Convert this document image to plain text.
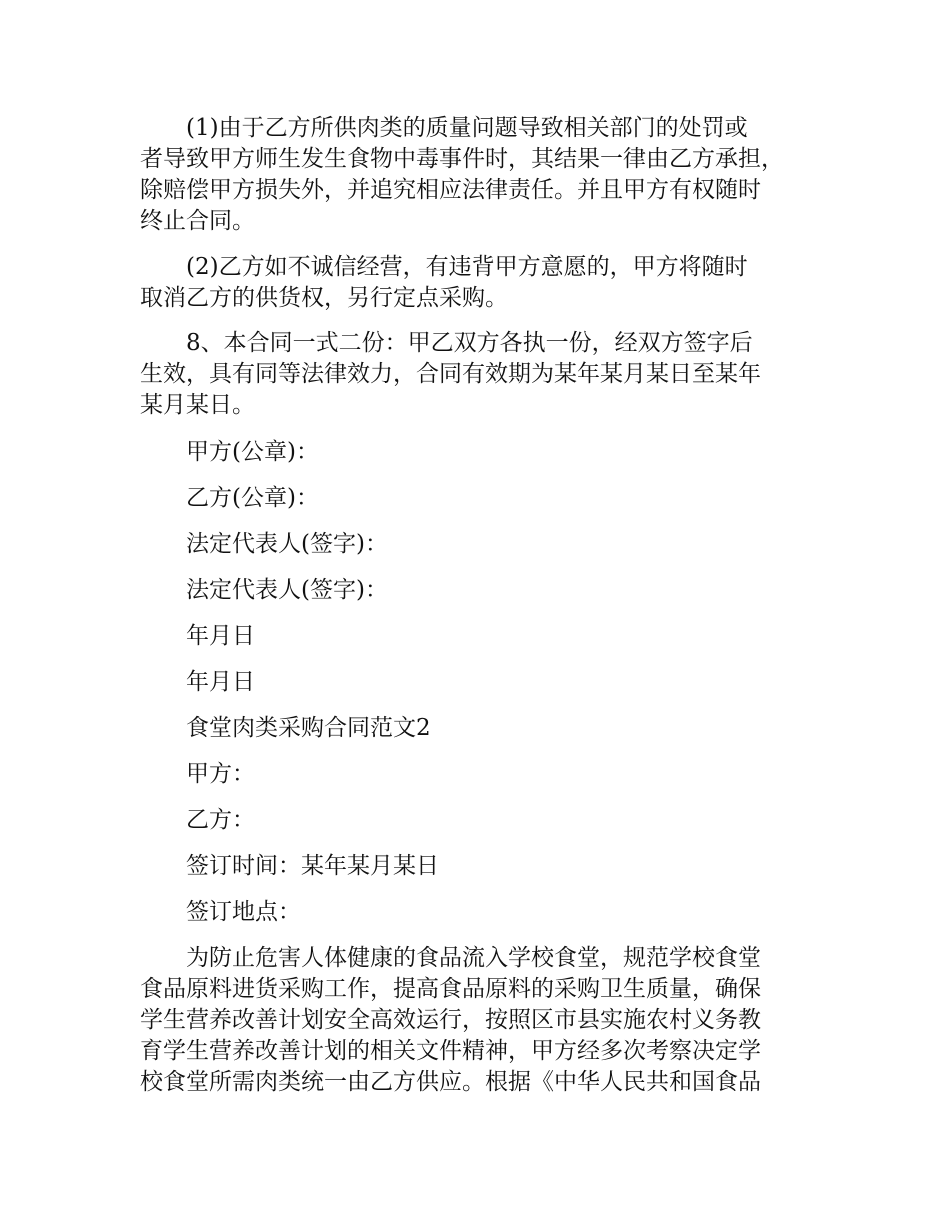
(1)由于乙方所供肉类的质量问题导致相关部门的处罚或

者导致甲方师生发生食物中毒事件时，其结果一律由乙方承担，

除赔偿甲方损失外，并追究相应法律责任。并且甲方有权随时

终止合同。

(2)乙方如不诚信经营，有违背甲方意愿的，甲方将随时

取消乙方的供货权，另行定点采购。

8、本合同一式二份：甲乙双方各执一份，经双方签字后

生效，具有同等法律效力，合同有效期为某年某月某日至某年

某月某日。

甲方(公章)：

乙方(公章)：

法定代表人(签字)：

法定代表人(签字)：

年月日

年月日

食堂肉类采购合同范文2

甲方：

乙方：

签订时间：某年某月某日

签订地点：

为防止危害人体健康的食品流入学校食堂，规范学校食堂

食品原料进货采购工作，提高食品原料的采购卫生质量，确保

学生营养改善计划安全高效运行，按照区市县实施农村义务教

育学生营养改善计划的相关文件精神，甲方经多次考察决定学

校食堂所需肉类统一由乙方供应。根据《中华人民共和国食品
